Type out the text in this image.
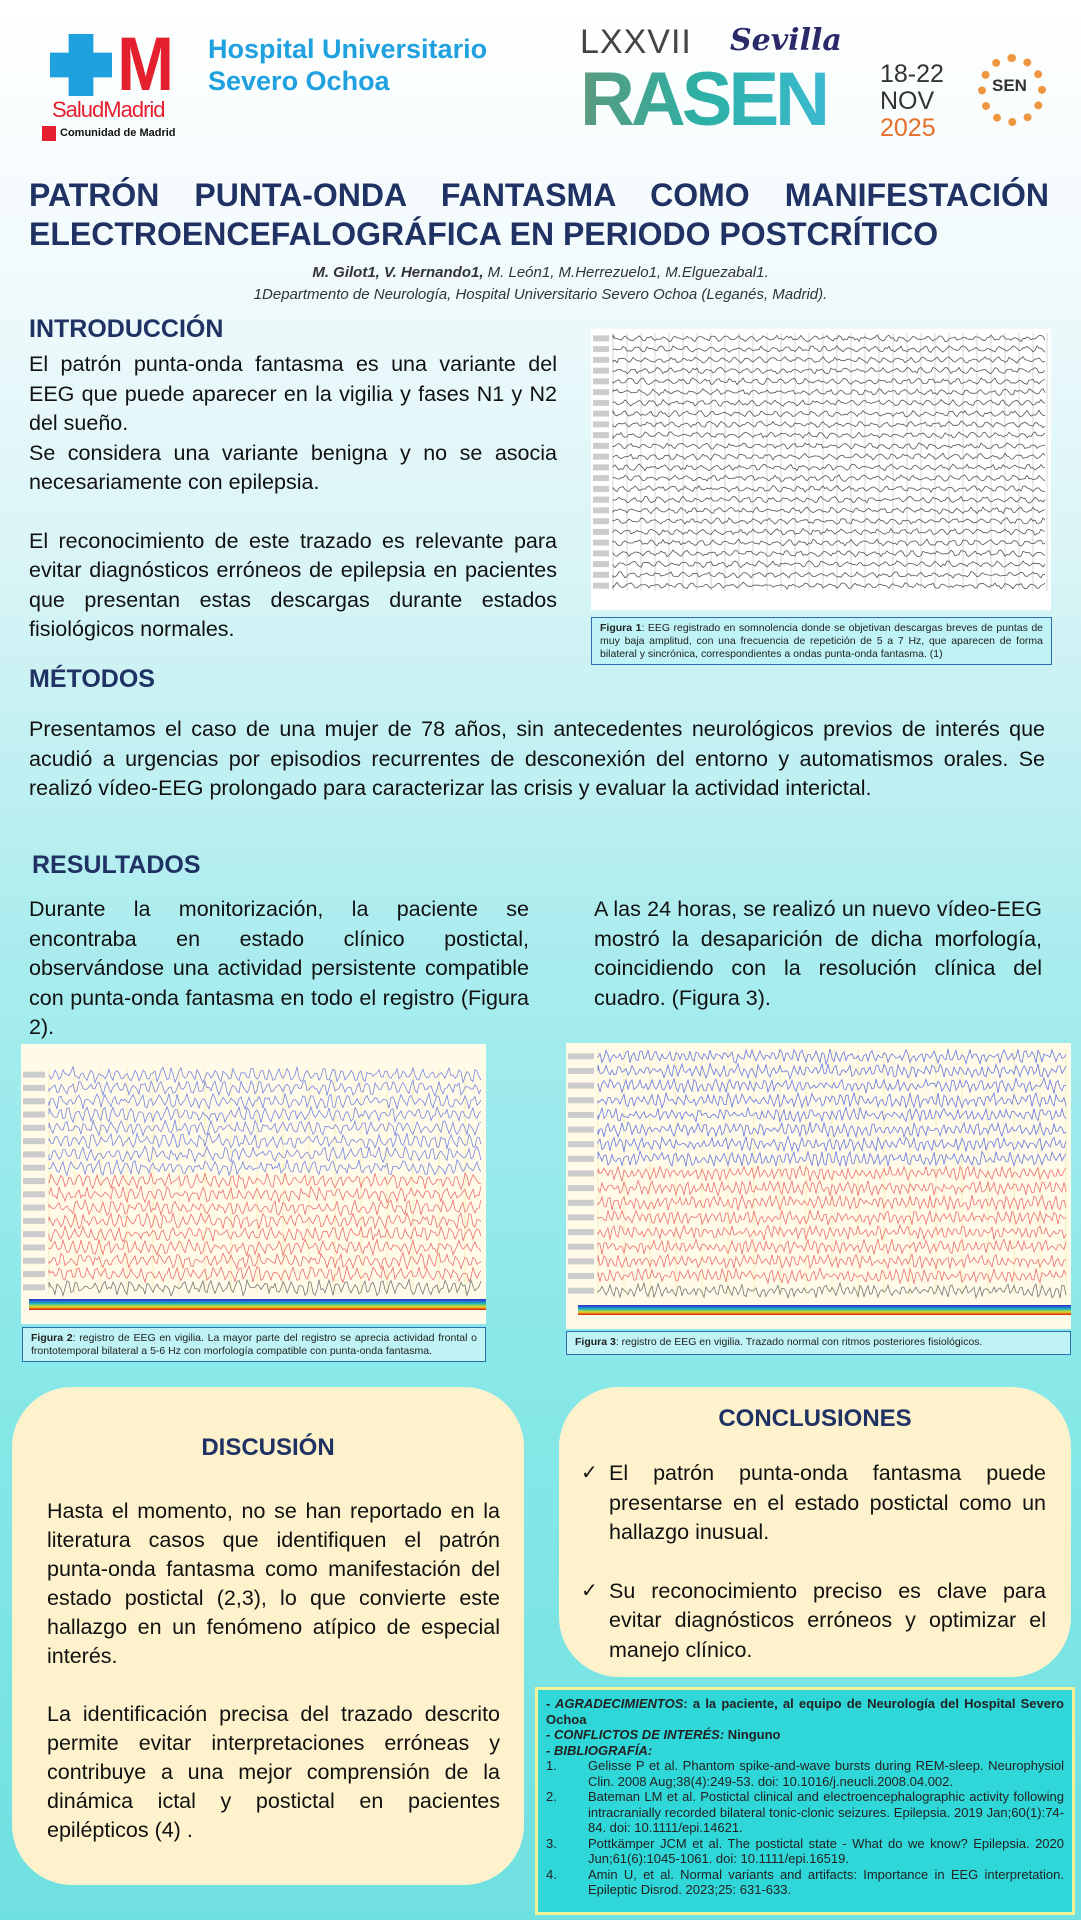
M
SaludMadrid
Hospital Universitario
Severo Ochoa
Comunidad de Madrid
LXXVII Sevilla
RASEN 18-22
NOV
2025
SEN
PATRÓN PUNTA-ONDA FANTASMA COMO MANIFESTACIÓN
ELECTROENCEFALOGRÁFICA EN PERIODO POSTCRÍTICO
M. Gilot1, V. Hernando1, M. León1, M.Herrezuelo1, M.Elguezabal1.
1Departmento de Neurología, Hospital Universitario Severo Ochoa (Leganés, Madrid).
INTRODUCCIÓN
El patrón punta-onda fantasma es una variante del EEG que puede aparecer en la vigilia y fases N1 y N2 del sueño.
Se considera una variante benigna y no se asocia necesariamente con epilepsia.
El reconocimiento de este trazado es relevante para evitar diagnósticos erróneos de epilepsia en pacientes que presentan estas descargas durante estados fisiológicos normales.	Figura 1: EEG registrado en somnolencia donde se objetivan descargas breves de puntas de muy baja amplitud, con una frecuencia de repetición de 5 a 7 Hz, que aparecen de forma bilateral y sincrónica, correspondientes a ondas punta-onda fantasma. (1)
MÉTODOS
Presentamos el caso de una mujer de 78 años, sin antecedentes neurológicos previos de interés que acudió a urgencias por episodios recurrentes de desconexión del entorno y automatismos orales. Se realizó vídeo-EEG prolongado para caracterizar las crisis y evaluar la actividad interictal.
RESULTADOS
Durante la monitorización, la paciente se encontraba en estado clínico postictal, observándose una actividad persistente compatible con punta-onda fantasma en todo el registro (Figura 2).
A las 24 horas, se realizó un nuevo vídeo-EEG mostró la desaparición de dicha morfología, coincidiendo con la resolución clínica del cuadro. (Figura 3).
Figura 2: registro de EEG en vigilia. La mayor parte del registro se aprecia actividad frontal o frontotemporal bilateral a 5-6 Hz con morfología compatible con punta-onda fantasma.
Figura 3: registro de EEG en vigilia. Trazado normal con ritmos posteriores fisiológicos.
DISCUSIÓN
Hasta el momento, no se han reportado en la literatura casos que identifiquen el patrón punta-onda fantasma como manifestación del estado postictal (2,3), lo que convierte este hallazgo en un fenómeno atípico de especial interés.
La identificación precisa del trazado descrito permite evitar interpretaciones erróneas y contribuye a una mejor comprensión de la dinámica ictal y postictal en pacientes epilépticos (4) .
CONCLUSIONES
✓ El patrón punta-onda fantasma puede presentarse en el estado postictal como un hallazgo inusual.
✓ Su reconocimiento preciso es clave para evitar diagnósticos erróneos y optimizar el manejo clínico.
- AGRADECIMIENTOS: a la paciente, al equipo de Neurología del Hospital Severo Ochoa
- CONFLICTOS DE INTERÉS: Ninguno
- BIBLIOGRAFÍA:
1.	Gelisse P et al. Phantom spike-and-wave bursts during REM-sleep. Neurophysiol Clin. 2008 Aug;38(4):249-53. doi: 10.1016/j.neucli.2008.04.002.
2.	Bateman LM et al. Postictal clinical and electroencephalographic activity following intracranially recorded bilateral tonic-clonic seizures. Epilepsia. 2019 Jan;60(1):74-84. doi: 10.1111/epi.14621.
3.	Pottkämper JCM et al. The postictal state - What do we know? Epilepsia. 2020 Jun;61(6):1045-1061. doi: 10.1111/epi.16519.
4.	Amin U, et al. Normal variants and artifacts: Importance in EEG interpretation. Epileptic Disrod. 2023;25: 631-633.
